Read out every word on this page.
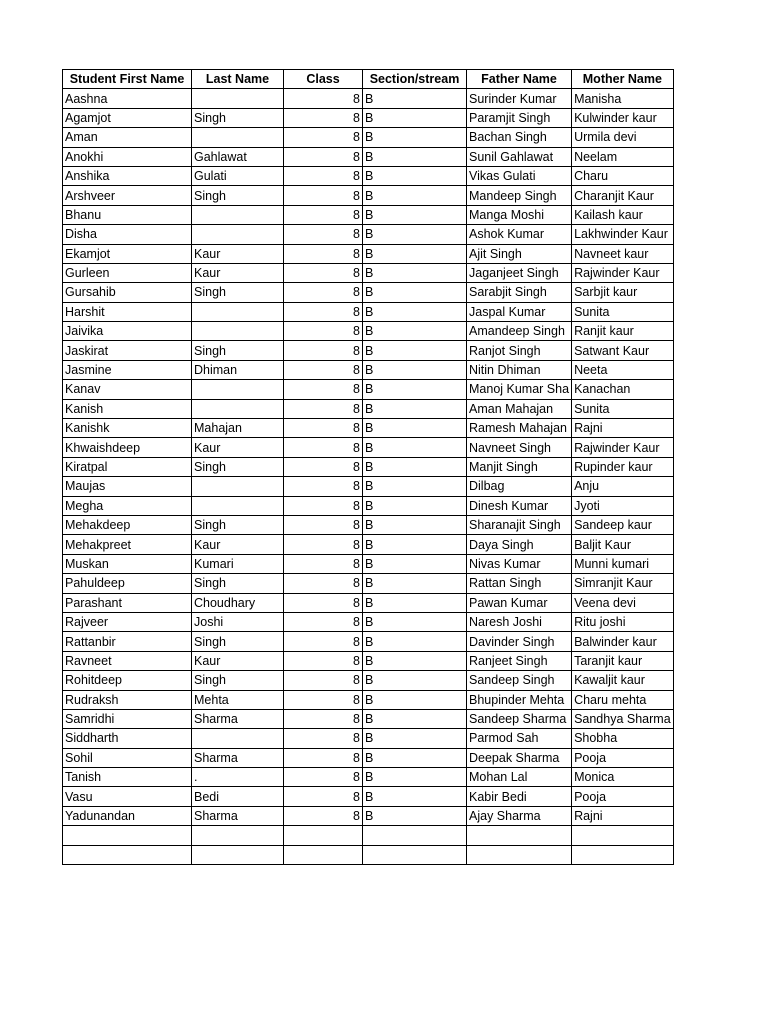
Student First Name	Last Name	Class	Section/stream	Father Name	Mother Name
Aashna		8	B	Surinder Kumar	Manisha
Agamjot	Singh	8	B	Paramjit Singh	Kulwinder kaur
Aman		8	B	Bachan Singh	Urmila devi
Anokhi	Gahlawat	8	B	Sunil Gahlawat	Neelam
Anshika	Gulati	8	B	Vikas Gulati	Charu
Arshveer	Singh	8	B	Mandeep Singh	Charanjit Kaur
Bhanu		8	B	Manga Moshi	Kailash kaur
Disha		8	B	Ashok Kumar	Lakhwinder Kaur
Ekamjot	Kaur	8	B	Ajit Singh	Navneet kaur
Gurleen	Kaur	8	B	Jaganjeet Singh	Rajwinder Kaur
Gursahib	Singh	8	B	Sarabjit Singh	Sarbjit kaur
Harshit		8	B	Jaspal Kumar	Sunita
Jaivika		8	B	Amandeep Singh	Ranjit kaur
Jaskirat	Singh	8	B	Ranjot Singh	Satwant Kaur
Jasmine	Dhiman	8	B	Nitin Dhiman	Neeta
Kanav		8	B	Manoj Kumar Sha	Kanachan
Kanish		8	B	Aman Mahajan	Sunita
Kanishk	Mahajan	8	B	Ramesh Mahajan	Rajni
Khwaishdeep	Kaur	8	B	Navneet Singh	Rajwinder Kaur
Kiratpal	Singh	8	B	Manjit Singh	Rupinder kaur
Maujas		8	B	Dilbag	Anju
Megha		8	B	Dinesh Kumar	Jyoti
Mehakdeep	Singh	8	B	Sharanajit Singh	Sandeep kaur
Mehakpreet	Kaur	8	B	Daya Singh	Baljit Kaur
Muskan	Kumari	8	B	Nivas Kumar	Munni kumari
Pahuldeep	Singh	8	B	Rattan Singh	Simranjit Kaur
Parashant	Choudhary	8	B	Pawan Kumar	Veena devi
Rajveer	Joshi	8	B	Naresh Joshi	Ritu joshi
Rattanbir	Singh	8	B	Davinder Singh	Balwinder kaur
Ravneet	Kaur	8	B	Ranjeet Singh	Taranjit kaur
Rohitdeep	Singh	8	B	Sandeep Singh	Kawaljit kaur
Rudraksh	Mehta	8	B	Bhupinder Mehta	Charu mehta
Samridhi	Sharma	8	B	Sandeep Sharma	Sandhya Sharma
Siddharth		8	B	Parmod Sah	Shobha
Sohil	Sharma	8	B	Deepak Sharma	Pooja
Tanish	.	8	B	Mohan Lal	Monica
Vasu	Bedi	8	B	Kabir Bedi	Pooja
Yadunandan	Sharma	8	B	Ajay Sharma	Rajni
